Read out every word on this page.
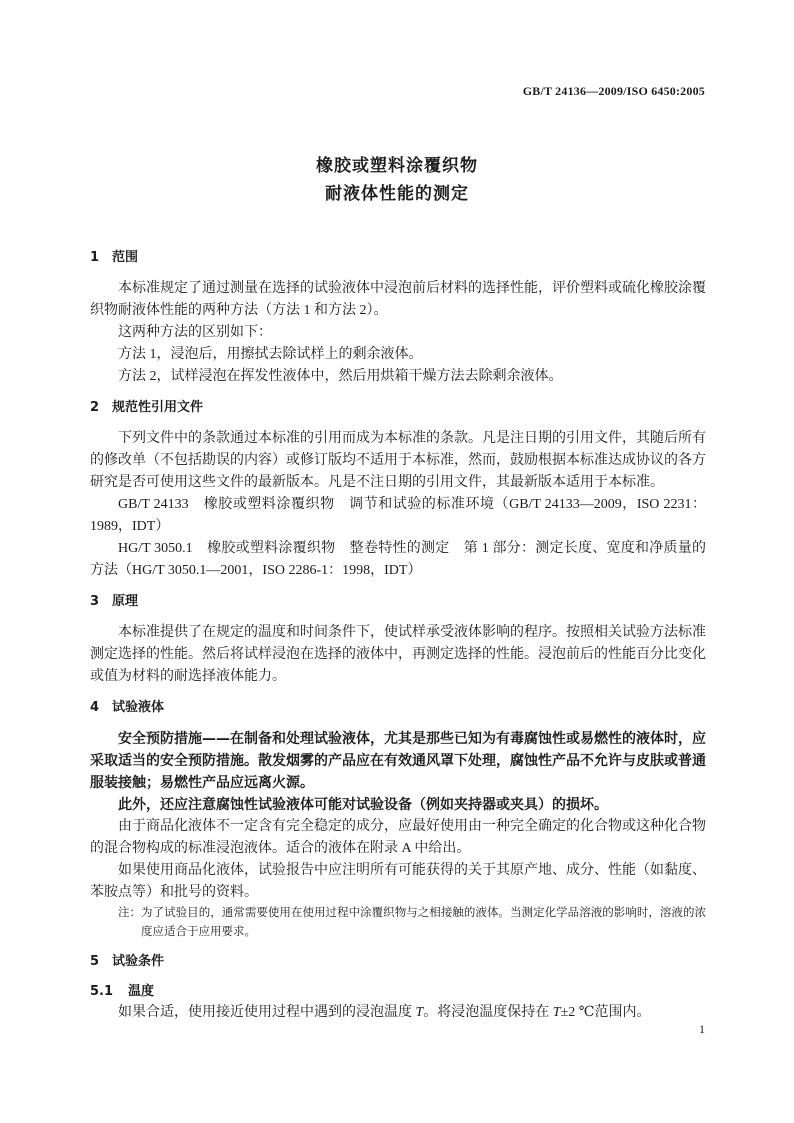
GB/T 24136—2009/ISO 6450:2005
橡胶或塑料涂覆织物
耐液体性能的测定
1 范围

本标准规定了通过测量在选择的试验液体中浸泡前后材料的选择性能，评价塑料或硫化橡胶涂覆织物耐液体性能的两种方法（方法 1 和方法 2）。

这两种方法的区别如下：

方法 1，浸泡后，用擦拭去除试样上的剩余液体。

方法 2，试样浸泡在挥发性液体中，然后用烘箱干燥方法去除剩余液体。

2 规范性引用文件

下列文件中的条款通过本标准的引用而成为本标准的条款。凡是注日期的引用文件，其随后所有的修改单（不包括勘误的内容）或修订版均不适用于本标准，然而，鼓励根据本标准达成协议的各方研究是否可使用这些文件的最新版本。凡是不注日期的引用文件，其最新版本适用于本标准。

GB/T 24133　橡胶或塑料涂覆织物　调节和试验的标准环境（GB/T 24133—2009，ISO 2231：1989，IDT）

HG/T 3050.1　橡胶或塑料涂覆织物　整卷特性的测定　第 1 部分：测定长度、宽度和净质量的方法（HG/T 3050.1—2001，ISO 2286-1：1998，IDT）

3 原理

本标准提供了在规定的温度和时间条件下，使试样承受液体影响的程序。按照相关试验方法标准测定选择的性能。然后将试样浸泡在选择的液体中，再测定选择的性能。浸泡前后的性能百分比变化或值为材料的耐选择液体能力。

4 试验液体

安全预防措施——在制备和处理试验液体，尤其是那些已知为有毒腐蚀性或易燃性的液体时，应采取适当的安全预防措施。散发烟雾的产品应在有效通风罩下处理，腐蚀性产品不允许与皮肤或普通服装接触；易燃性产品应远离火源。

此外，还应注意腐蚀性试验液体可能对试验设备（例如夹持器或夹具）的损坏。

由于商品化液体不一定含有完全稳定的成分，应最好使用由一种完全确定的化合物或这种化合物的混合物构成的标准浸泡液体。适合的液体在附录 A 中给出。

如果使用商品化液体，试验报告中应注明所有可能获得的关于其原产地、成分、性能（如黏度、苯胺点等）和批号的资料。

注：为了试验目的，通常需要使用在使用过程中涂覆织物与之相接触的液体。当测定化学品溶液的影响时，溶液的浓度应适合于应用要求。

5 试验条件
5.1 温度

如果合适，使用接近使用过程中遇到的浸泡温度 T。将浸泡温度保持在 T±2 ℃范围内。

1
